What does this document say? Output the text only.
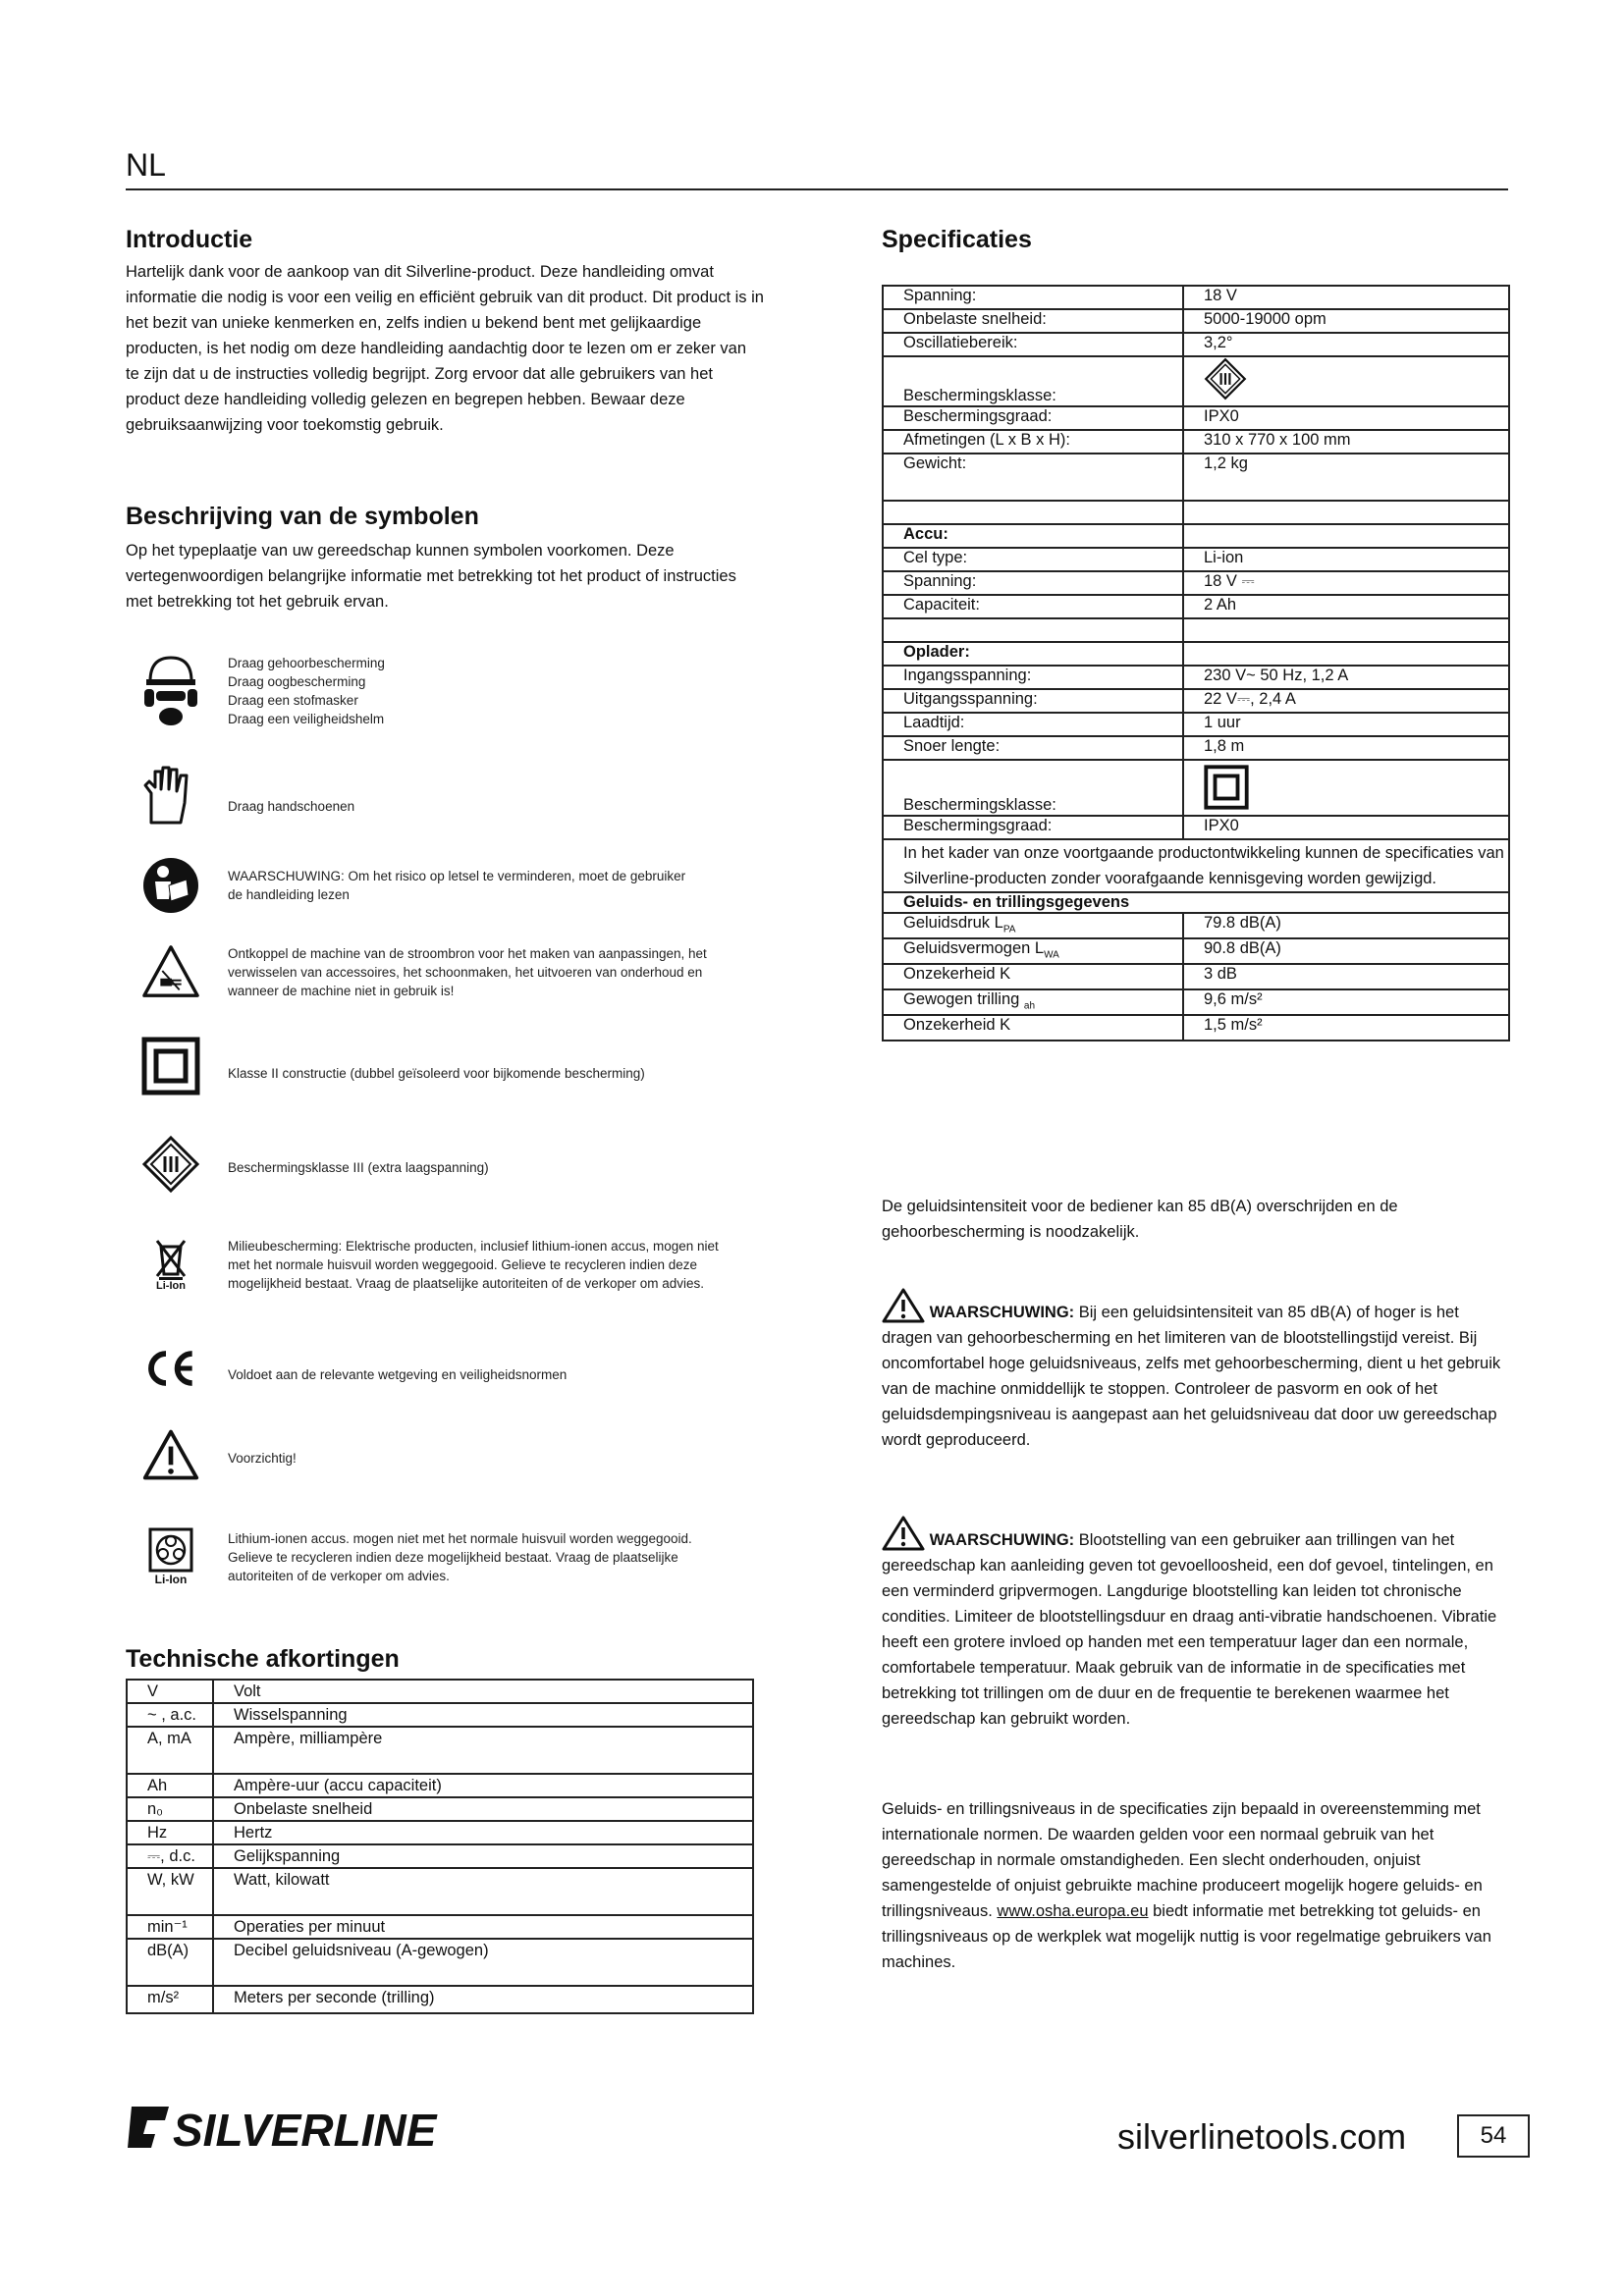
NL
Introductie

Hartelijk dank voor de aankoop van dit Silverline-product. Deze handleiding omvat informatie die nodig is voor een veilig en efficiënt gebruik van dit product. Dit product is in het bezit van unieke kenmerken en, zelfs indien u bekend bent met gelijkaardige producten, is het nodig om deze handleiding aandachtig door te lezen om er zeker van te zijn dat u de instructies volledig begrijpt. Zorg ervoor dat alle gebruikers van het product deze handleiding volledig gelezen en begrepen hebben. Bewaar deze gebruiksaanwijzing voor toekomstig gebruik.

Beschrijving van de symbolen

Op het typeplaatje van uw gereedschap kunnen symbolen voorkomen. Deze vertegenwoordigen belangrijke informatie met betrekking tot het product of instructies met betrekking tot het gebruik ervan.

Draag gehoorbescherming
Draag oogbescherming
Draag een stofmasker
Draag een veiligheidshelm
Draag handschoenen
WAARSCHUWING: Om het risico op letsel te verminderen, moet de gebruiker de handleiding lezen
Ontkoppel de machine van de stroombron voor het maken van aanpassingen, het verwisselen van accessoires, het schoonmaken, het uitvoeren van onderhoud en wanneer de machine niet in gebruik is!
Klasse II constructie (dubbel geïsoleerd voor bijkomende bescherming)
Beschermingsklasse III (extra laagspanning)
Li-Ion
Milieubescherming: Elektrische producten, inclusief lithium-ionen accus, mogen niet met het normale huisvuil worden weggegooid. Gelieve te recycleren indien deze mogelijkheid bestaat. Vraag de plaatselijke autoriteiten of de verkoper om advies.
Voldoet aan de relevante wetgeving en veiligheidsnormen
Voorzichtig!
Li-Ion
Lithium-ionen accus. mogen niet met het normale huisvuil worden weggegooid. Gelieve te recycleren indien deze mogelijkheid bestaat. Vraag de plaatselijke autoriteiten of de verkoper om advies.
Technische afkortingen
V	Volt
~ , a.c.	Wisselspanning
A, mA	Ampère, milliampère
Ah	Ampère-uur (accu capaciteit)
n₀	Onbelaste snelheid
Hz	Hertz
⎓, d.c.	Gelijkspanning
W, kW	Watt, kilowatt
min⁻¹	Operaties per minuut
dB(A)	Decibel geluidsniveau (A-gewogen)
m/s²	Meters per seconde (trilling)
Specificaties
Spanning:	18 V
Onbelaste snelheid:	5000-19000 opm
Oscillatiebereik:	3,2°
Beschermingsklasse:	
Beschermingsgraad:	IPX0
Afmetingen (L x B x H):	310 x 770 x 100 mm
Gewicht:	1,2 kg

Accu:	
Cel type:	Li-ion
Spanning:	18 V ⎓
Capaciteit:	2 Ah

Oplader:	
Ingangsspanning:	230 V~ 50 Hz, 1,2 A
Uitgangsspanning:	22 V⎓, 2,4 A
Laadtijd:	1 uur
Snoer lengte:	1,8 m
Beschermingsklasse:	
Beschermingsgraad:	IPX0
In het kader van onze voortgaande productontwikkeling kunnen de specificaties van Silverline-producten zonder voorafgaande kennisgeving worden gewijzigd.	
Geluids- en trillingsgegevens	
Geluidsdruk $L_{PA}$	79.8 dB(A)
Geluidsvermogen $L_{WA}$	90.8 dB(A)
Onzekerheid K	3 dB
Gewogen trilling $_{ah}$	9,6 m/s²
Onzekerheid K	1,5 m/s²

De geluidsintensiteit voor de bediener kan 85 dB(A) overschrijden en de gehoorbescherming is noodzakelijk.

WAARSCHUWING: Bij een geluidsintensiteit van 85 dB(A) of hoger is het dragen van gehoorbescherming en het limiteren van de blootstellingstijd vereist. Bij oncomfortabel hoge geluidsniveaus, zelfs met gehoorbescherming, dient u het gebruik van de machine onmiddellijk te stoppen. Controleer de pasvorm en ook of het geluidsdempingsniveau is aangepast aan het geluidsniveau dat door uw gereedschap wordt geproduceerd.
WAARSCHUWING: Blootstelling van een gebruiker aan trillingen van het gereedschap kan aanleiding geven tot gevoelloosheid, een dof gevoel, tintelingen, en een verminderd gripvermogen. Langdurige blootstelling kan leiden tot chronische condities. Limiteer de blootstellingsduur en draag anti-vibratie handschoenen. Vibratie heeft een grotere invloed op handen met een temperatuur lager dan een normale, comfortabele temperatuur. Maak gebruik van de informatie in de specificaties met betrekking tot trillingen om de duur en de frequentie te berekenen waarmee het gereedschap kan gebruikt worden.

Geluids- en trillingsniveaus in de specificaties zijn bepaald in overeenstemming met internationale normen. De waarden gelden voor een normaal gebruik van het gereedschap in normale omstandigheden. Een slecht onderhouden, onjuist samengestelde of onjuist gebruikte machine produceert mogelijk hogere geluids- en trillingsniveaus. www.osha.europa.eu biedt informatie met betrekking tot geluids- en trillingsniveaus op de werkplek wat mogelijk nuttig is voor regelmatige gebruikers van machines.

SILVERLINE	silverlinetools.com	54
